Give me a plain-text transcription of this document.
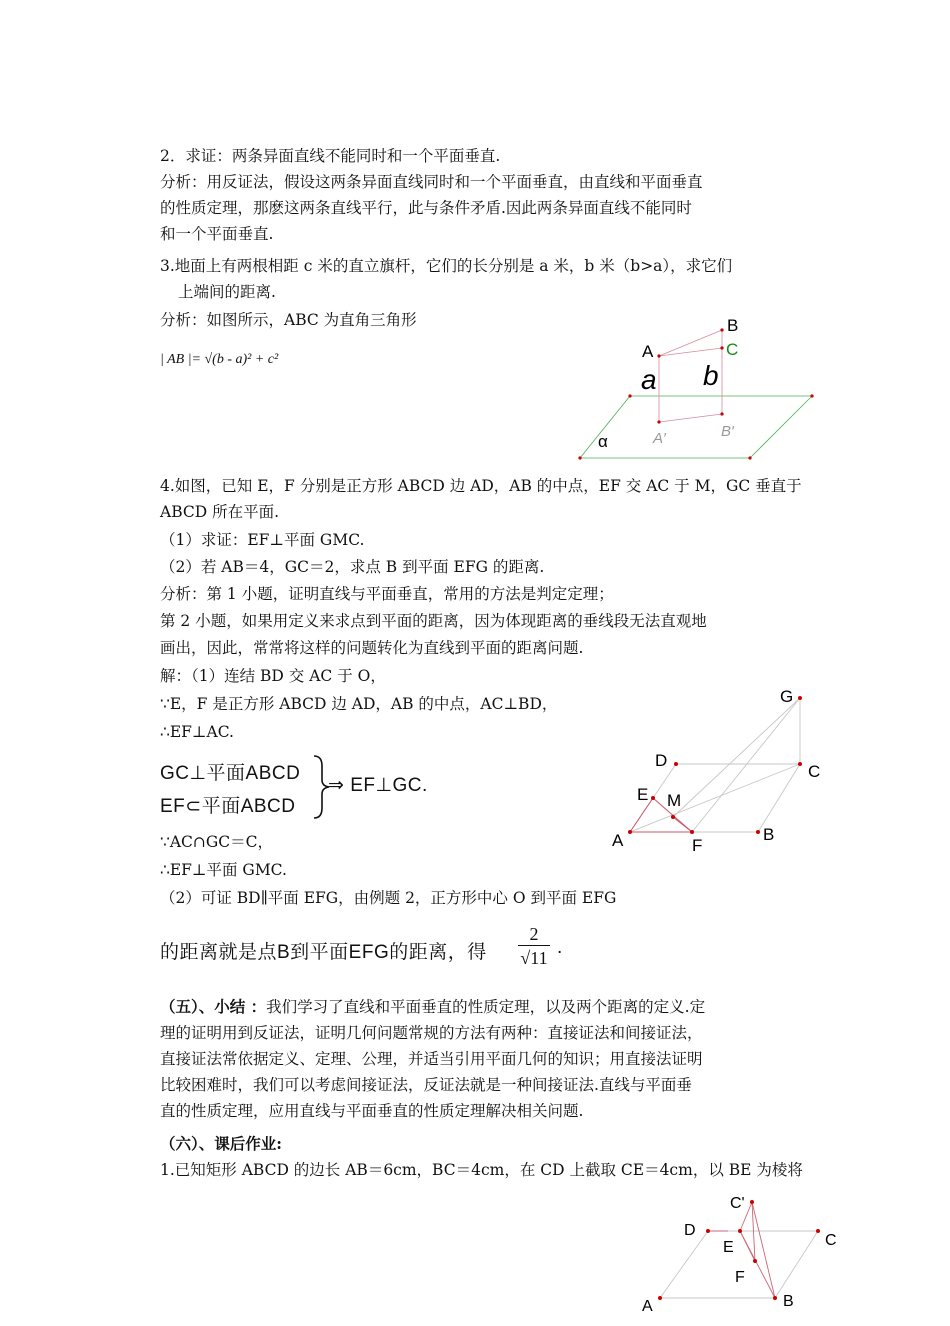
2．求证：两条异面直线不能同时和一个平面垂直.
分析：用反证法，假设这两条异面直线同时和一个平面垂直，由直线和平面垂直
的性质定理，那麽这两条直线平行，此与条件矛盾.因此两条异面直线不能同时
和一个平面垂直.
3.地面上有两根相距 c 米的直立旗杆，它们的长分别是 a 米，b 米（b>a），求它们
上端间的距离.
分析：如图所示，ABC 为直角三角形
| AB |= √(b - a)² + c²	A
B
C
a b
α	A′	B′
4.如图，已知 E，F 分别是正方形 ABCD 边 AD，AB 的中点，EF 交 AC 于 M，GC 垂直于
ABCD 所在平面.
（1）求证：EF⊥平面 GMC.
（2）若 AB＝4，GC＝2，求点 B 到平面 EFG 的距离.
分析：第 1 小题，证明直线与平面垂直，常用的方法是判定定理；
第 2 小题，如果用定义来求点到平面的距离，因为体现距离的垂线段无法直观地
画出，因此，常常将这样的问题转化为直线到平面的距离问题.
解：（1）连结 BD 交 AC 于 O，
∵E，F 是正方形 ABCD 边 AD，AB 的中点，AC⊥BD，
∴EF⊥AC.
GC⊥平面ABCD
EF⊂平面ABCD
⇒ EF⊥GC.
∵AC∩GC＝C，
∴EF⊥平面 GMC.
（2）可证 BD∥平面 EFG，由例题 2，正方形中心 O 到平面 EFG
的距离就是点B到平面EFG的距离，得
2
√11 .
G
D
C
E M
A	F
B
（五）、小结 ：我们学习了直线和平面垂直的性质定理，以及两个距离的定义.定
理的证明用到反证法，证明几何问题常规的方法有两种：直接证法和间接证法，
直接证法常依据定义、定理、公理，并适当引用平面几何的知识；用直接法证明
比较困难时，我们可以考虑间接证法，反证法就是一种间接证法.直线与平面垂
直的性质定理，应用直线与平面垂直的性质定理解决相关问题.
（六）、课后作业:
1.已知矩形 ABCD 的边长 AB＝6cm，BC＝4cm，在 CD 上截取 CE＝4cm，以 BE 为棱将
C'
D
C
E
F
A	B
